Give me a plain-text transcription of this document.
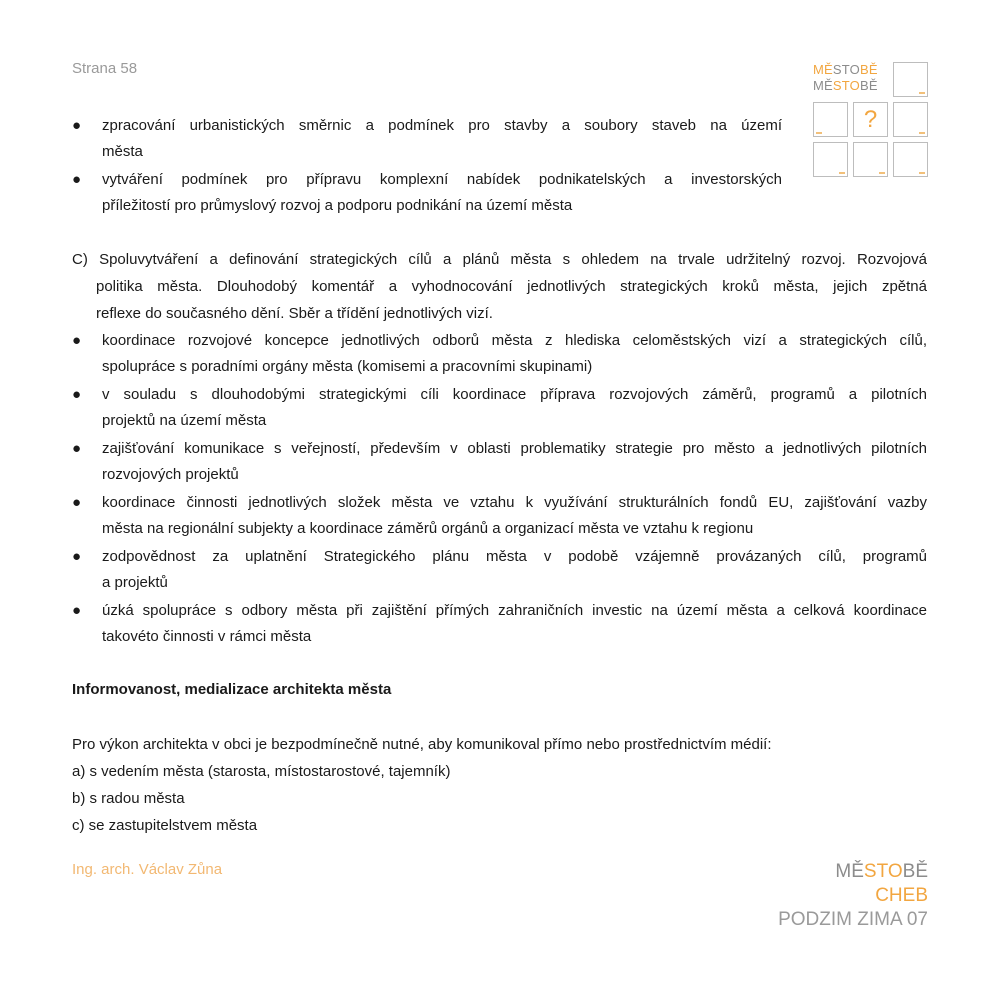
Strana 58	MĚSTOBĚ
MĚSTOBĚ
?
●	zpracování urbanistických směrnic a podmínek pro stavby a soubory staveb na území
města
●	vytváření podmínek pro přípravu komplexní nabídek podnikatelských a investorských
příležitostí pro průmyslový rozvoj a podporu podnikání na území města
C) Spoluvytváření a definování strategických cílů a plánů města s ohledem na trvale udržitelný rozvoj. Rozvojová
politika města. Dlouhodobý komentář a vyhodnocování jednotlivých strategických kroků města, jejich zpětná
reflexe do současného dění. Sběr a třídění jednotlivých vizí.
●	koordinace rozvojové koncepce jednotlivých odborů města z hlediska celoměstských vizí a strategických cílů,
spolupráce s poradními orgány města (komisemi a pracovními skupinami)
●	v souladu s dlouhodobými strategickými cíli koordinace příprava rozvojových záměrů, programů a pilotních
projektů na území města
●	zajišťování komunikace s veřejností, především v oblasti problematiky strategie pro město a jednotlivých pilotních
rozvojových projektů
●	koordinace činnosti jednotlivých složek města ve vztahu k využívání strukturálních fondů EU, zajišťování vazby
města na regionální subjekty a koordinace záměrů orgánů a organizací města ve vztahu k regionu
●	zodpovědnost za uplatnění Strategického plánu města v podobě vzájemně provázaných cílů, programů
a projektů
●	úzká spolupráce s odbory města při zajištění přímých zahraničních investic na území města a celková koordinace
takovéto činnosti v rámci města
Informovanost, medializace architekta města
Pro výkon architekta v obci je bezpodmínečně nutné, aby komunikoval přímo nebo prostřednictvím médií:
a) s vedením města (starosta, místostarostové, tajemník)
b) s radou města
c) se zastupitelstvem města
Ing. arch. Václav Zůna	MĚSTOBĚ
CHEB
PODZIM ZIMA 07
